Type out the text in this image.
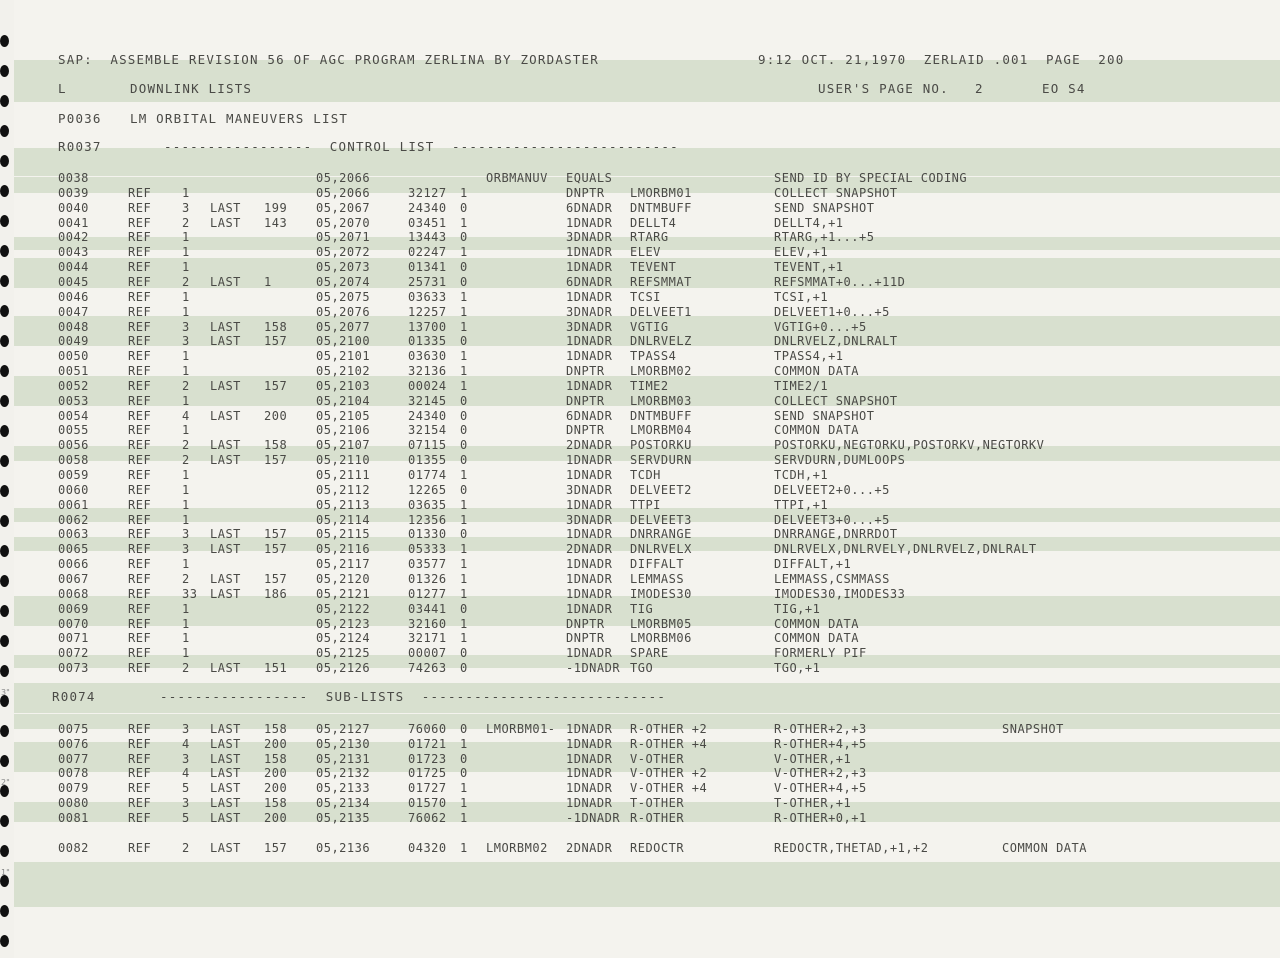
SAP:  ASSEMBLE REVISION 56 OF AGC PROGRAM ZERLINA BY ZORDASTER	9:12 OCT. 21,1970  ZERLAID .001  PAGE  200
L	DOWNLINK LISTS	USER'S PAGE NO.   2	EO S4
P0036 LM ORBITAL MANEUVERS LIST
R0037	-----------------  CONTROL LIST  --------------------------
R0074	-----------------  SUB-LISTS  ----------------------------
0038	05,2066	ORBMANUV EQUALS	SEND ID BY SPECIAL CODING
0039	REF	1	05,2066	32127 1	DNPTR LMORBM01	COLLECT SNAPSHOT
0040	REF	3 LAST 199 05,2067	24340 0	6DNADR DNTMBUFF	SEND SNAPSHOT
0041	REF	2 LAST 143 05,2070	03451 1	1DNADR DELLT4	DELLT4,+1
0042	REF	1	05,2071	13443 0	3DNADR RTARG	RTARG,+1...+5
0043	REF	1	05,2072	02247 1	1DNADR ELEV	ELEV,+1
0044	REF	1	05,2073	01341 0	1DNADR TEVENT	TEVENT,+1
0045	REF	2 LAST 1	05,2074	25731 0	6DNADR REFSMMAT	REFSMMAT+0...+11D
0046	REF	1	05,2075	03633 1	1DNADR TCSI	TCSI,+1
0047	REF	1	05,2076	12257 1	3DNADR DELVEET1	DELVEET1+0...+5
0048	REF	3 LAST 158 05,2077	13700 1	3DNADR VGTIG	VGTIG+0...+5
0049	REF	3 LAST 157 05,2100	01335 0	1DNADR DNLRVELZ	DNLRVELZ,DNLRALT
0050	REF	1	05,2101	03630 1	1DNADR TPASS4	TPASS4,+1
0051	REF	1	05,2102	32136 1	DNPTR LMORBM02	COMMON DATA
0052	REF	2 LAST 157 05,2103	00024 1	1DNADR TIME2	TIME2/1
0053	REF	1	05,2104	32145 0	DNPTR LMORBM03	COLLECT SNAPSHOT
0054	REF	4 LAST 200 05,2105	24340 0	6DNADR DNTMBUFF	SEND SNAPSHOT
0055	REF	1	05,2106	32154 0	DNPTR LMORBM04	COMMON DATA
0056	REF	2 LAST 158 05,2107	07115 0	2DNADR POSTORKU	POSTORKU,NEGTORKU,POSTORKV,NEGTORKV
0058	REF	2 LAST 157 05,2110	01355 0	1DNADR SERVDURN	SERVDURN,DUMLOOPS
0059	REF	1	05,2111	01774 1	1DNADR TCDH	TCDH,+1
0060	REF	1	05,2112	12265 0	3DNADR DELVEET2	DELVEET2+0...+5
0061	REF	1	05,2113	03635 1	1DNADR TTPI	TTPI,+1
0062	REF	1	05,2114	12356 1	3DNADR DELVEET3	DELVEET3+0...+5
0063	REF	3 LAST 157 05,2115	01330 0	1DNADR DNRRANGE	DNRRANGE,DNRRDOT
0065	REF	3 LAST 157 05,2116	05333 1	2DNADR DNLRVELX	DNLRVELX,DNLRVELY,DNLRVELZ,DNLRALT
0066	REF	1	05,2117	03577 1	1DNADR DIFFALT	DIFFALT,+1
0067	REF	2 LAST 157 05,2120	01326 1	1DNADR LEMMASS	LEMMASS,CSMMASS
0068	REF	33 LAST 186 05,2121	01277 1	1DNADR IMODES30	IMODES30,IMODES33
0069	REF	1	05,2122	03441 0	1DNADR TIG	TIG,+1
0070	REF	1	05,2123	32160 1	DNPTR LMORBM05	COMMON DATA
0071	REF	1	05,2124	32171 1	DNPTR LMORBM06	COMMON DATA
0072	REF	1	05,2125	00007 0	1DNADR SPARE	FORMERLY PIF
0073	REF	2 LAST 151 05,2126	74263 0	-1DNADR TGO	TGO,+1
0075	REF	3 LAST 158 05,2127	76060 0 LMORBM01- 1DNADR R-OTHER +2	R-OTHER+2,+3	SNAPSHOT
0076	REF	4 LAST 200 05,2130	01721 1	1DNADR R-OTHER +4	R-OTHER+4,+5
0077	REF	3 LAST 158 05,2131	01723 0	1DNADR V-OTHER	V-OTHER,+1
0078	REF	4 LAST 200 05,2132	01725 0	1DNADR V-OTHER +2	V-OTHER+2,+3
0079	REF	5 LAST 200 05,2133	01727 1	1DNADR V-OTHER +4	V-OTHER+4,+5
0080	REF	3 LAST 158 05,2134	01570 1	1DNADR T-OTHER	T-OTHER,+1
0081	REF	5 LAST 200 05,2135	76062 1	-1DNADR R-OTHER	R-OTHER+0,+1
0082	REF	2 LAST 157 05,2136	04320 1 LMORBM02 2DNADR REDOCTR	REDOCTR,THETAD,+1,+2	COMMON DATA
3"
2"
1"
